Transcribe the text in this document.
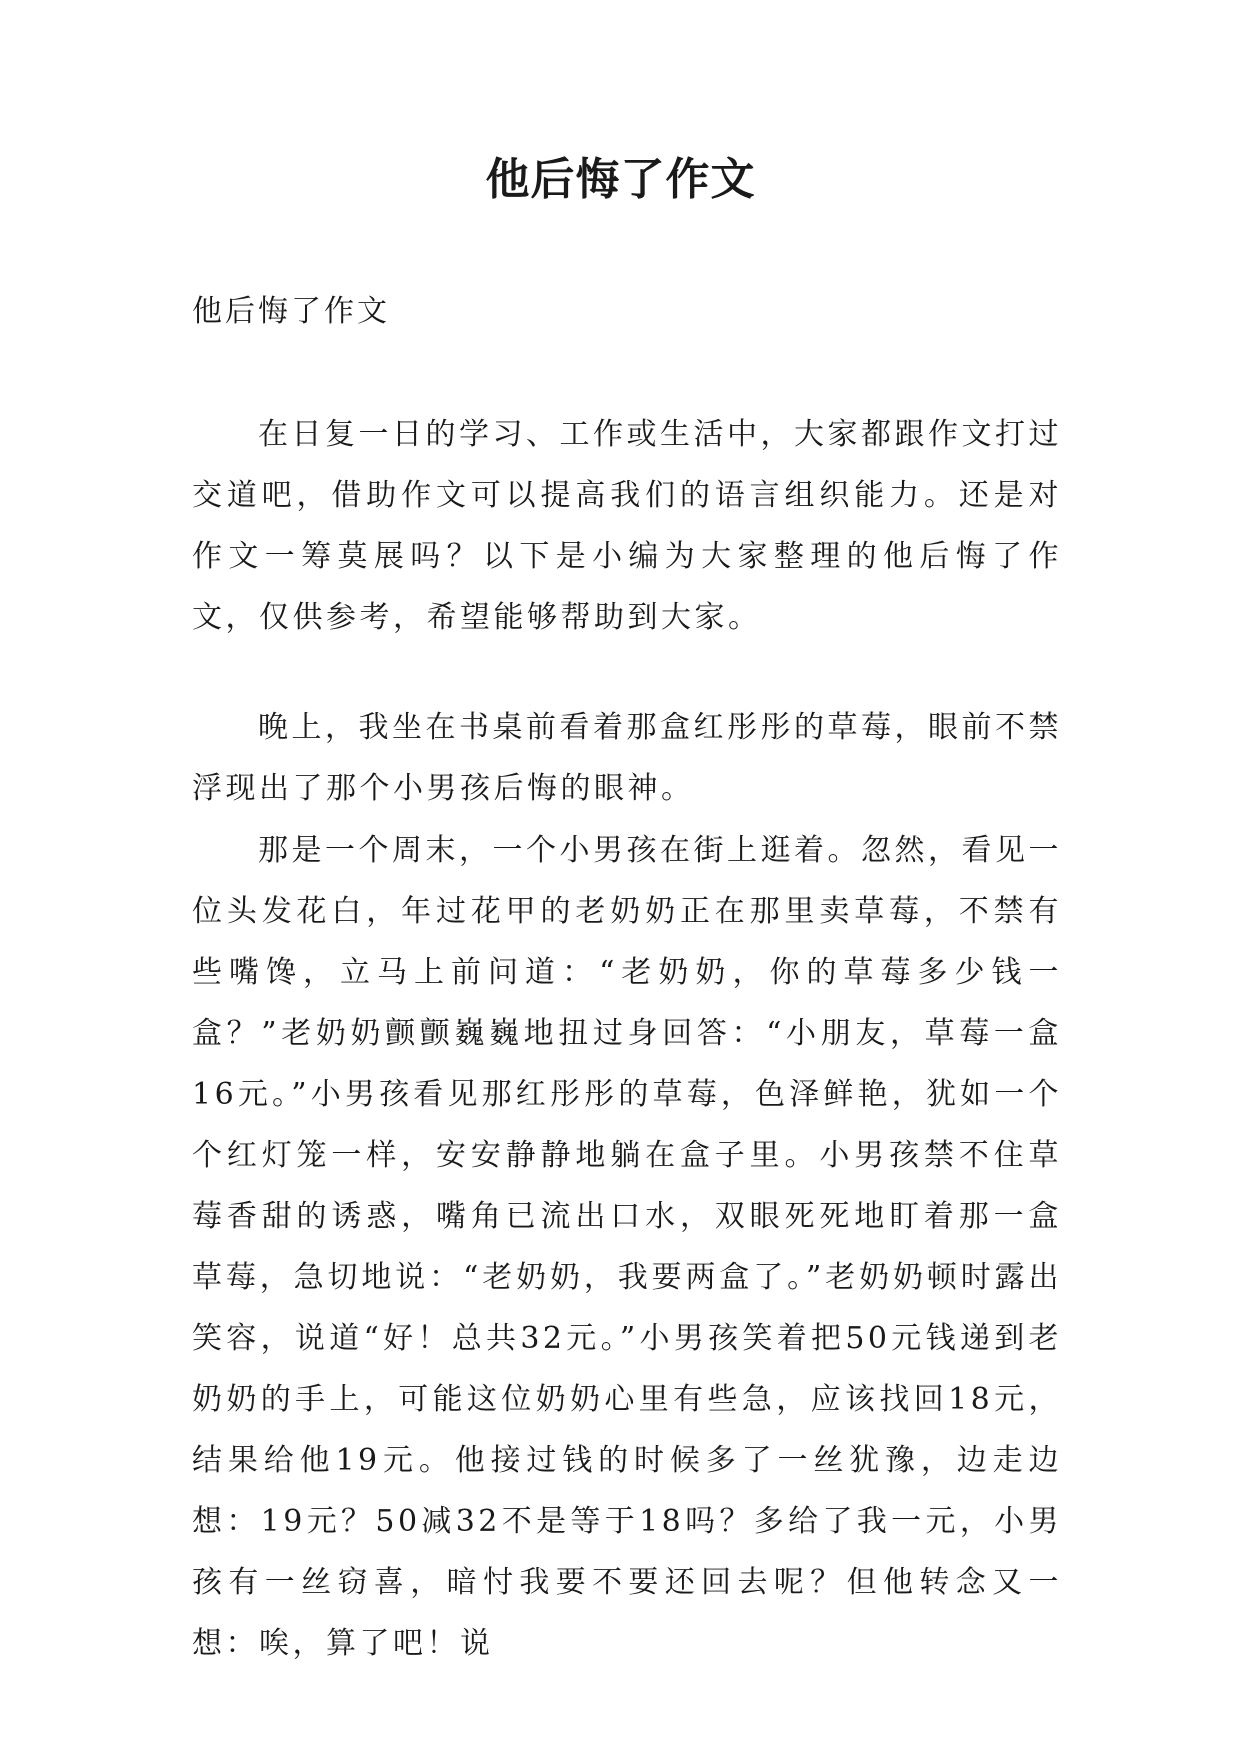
他后悔了作文

他后悔了作文

在日复一日的学习、工作或生活中，大家都跟作文打过交道吧，借助作文可以提高我们的语言组织能力。还是对作文一筹莫展吗？以下是小编为大家整理的他后悔了作文，仅供参考，希望能够帮助到大家。

晚上，我坐在书桌前看着那盒红彤彤的草莓，眼前不禁浮现出了那个小男孩后悔的眼神。

那是一个周末，一个小男孩在街上逛着。忽然，看见一位头发花白，年过花甲的老奶奶正在那里卖草莓，不禁有些嘴馋，立马上前问道：“老奶奶，你的草莓多少钱一盒？”老奶奶颤颤巍巍地扭过身回答：“小朋友，草莓一盒16元。”小男孩看见那红彤彤的草莓，色泽鲜艳，犹如一个个红灯笼一样，安安静静地躺在盒子里。小男孩禁不住草莓香甜的诱惑，嘴角已流出口水，双眼死死地盯着那一盒草莓，急切地说：“老奶奶，我要两盒了。”老奶奶顿时露出笑容，说道“好！总共32元。”小男孩笑着把50元钱递到老奶奶的手上，可能这位奶奶心里有些急，应该找回18元，结果给他19元。他接过钱的时候多了一丝犹豫，边走边想：19元？50减32不是等于18吗？多给了我一元，小男孩有一丝窃喜，暗忖我要不要还回去呢？但他转念又一想：唉，算了吧！说
